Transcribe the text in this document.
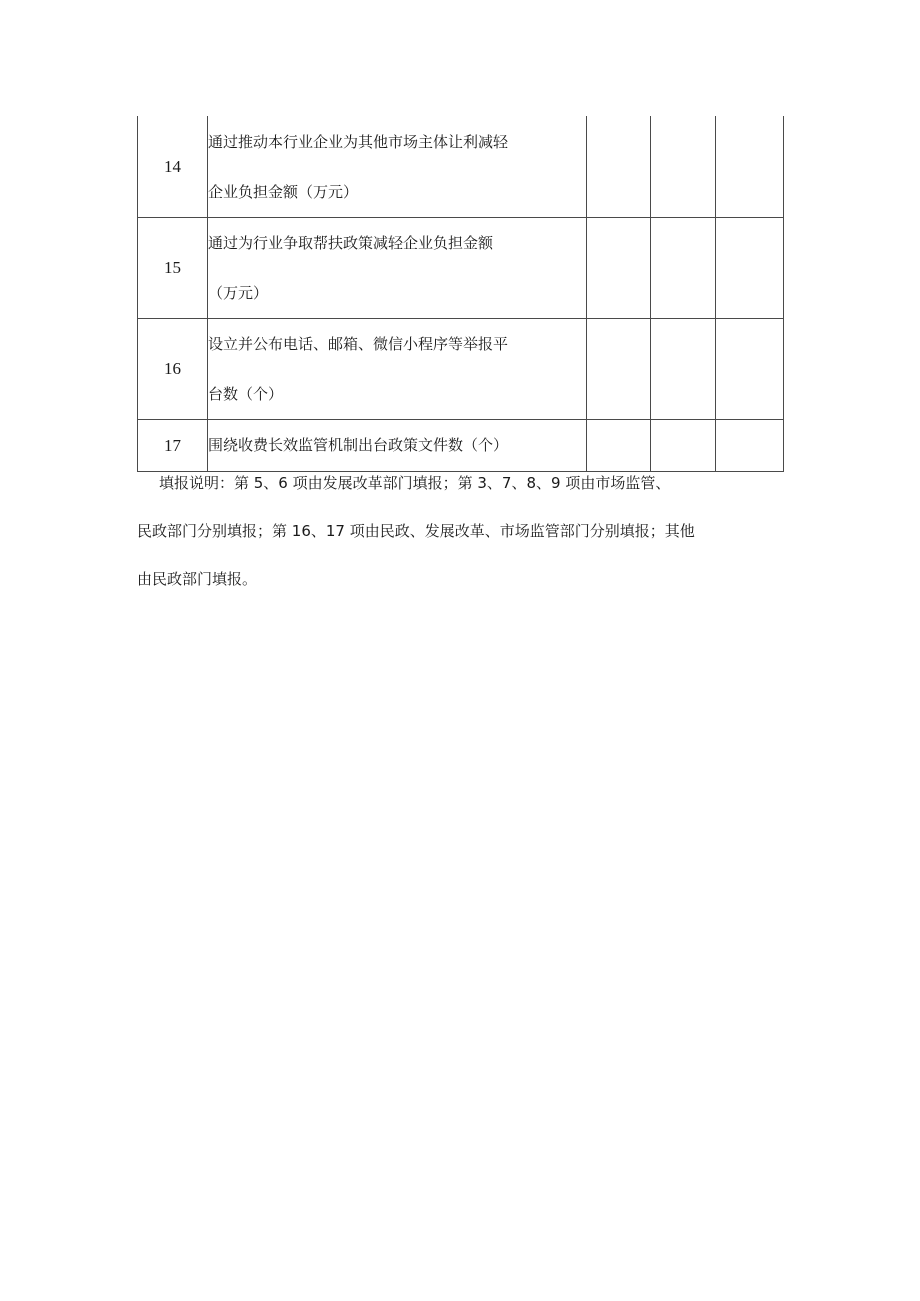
14	通过推动本行业企业为其他市场主体让利减轻
企业负担金额（万元）			

15	通过为行业争取帮扶政策减轻企业负担金额
（万元）			

16	设立并公布电话、邮箱、微信小程序等举报平
台数（个）			

17	围绕收费长效监管机制出台政策文件数（个）			

填报说明：第 5、6 项由发展改革部门填报；第 3、7、8、9 项由市场监管、
民政部门分别填报；第 16、17 项由民政、发展改革、市场监管部门分别填报；其他
由民政部门填报。
